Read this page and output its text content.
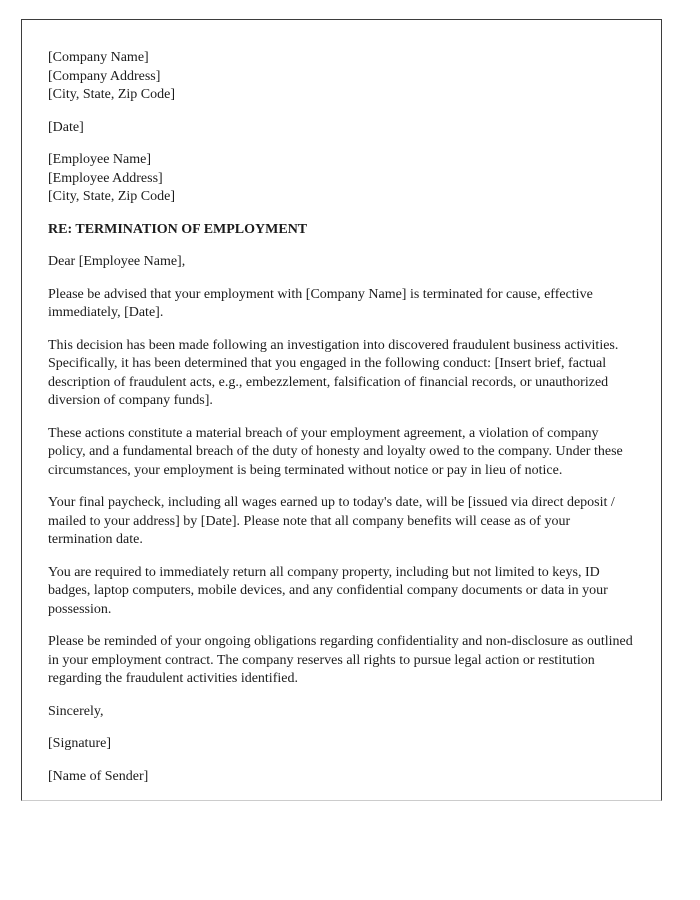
[Company Name]

[Company Address]

[City, State, Zip Code]

[Date]

[Employee Name]

[Employee Address]

[City, State, Zip Code]

RE: TERMINATION OF EMPLOYMENT

Dear [Employee Name],

Please be advised that your employment with [Company Name] is terminated for cause, effective immediately, [Date].

This decision has been made following an investigation into discovered fraudulent business activities. Specifically, it has been determined that you engaged in the following conduct: [Insert brief, factual description of fraudulent acts, e.g., embezzlement, falsification of financial records, or unauthorized diversion of company funds].

These actions constitute a material breach of your employment agreement, a violation of company policy, and a fundamental breach of the duty of honesty and loyalty owed to the company. Under these circumstances, your employment is being terminated without notice or pay in lieu of notice.

Your final paycheck, including all wages earned up to today's date, will be [issued via direct deposit / mailed to your address] by [Date]. Please note that all company benefits will cease as of your termination date.

You are required to immediately return all company property, including but not limited to keys, ID badges, laptop computers, mobile devices, and any confidential company documents or data in your possession.

Please be reminded of your ongoing obligations regarding confidentiality and non-disclosure as outlined in your employment contract. The company reserves all rights to pursue legal action or restitution regarding the fraudulent activities identified.

Sincerely,

[Signature]

[Name of Sender]
